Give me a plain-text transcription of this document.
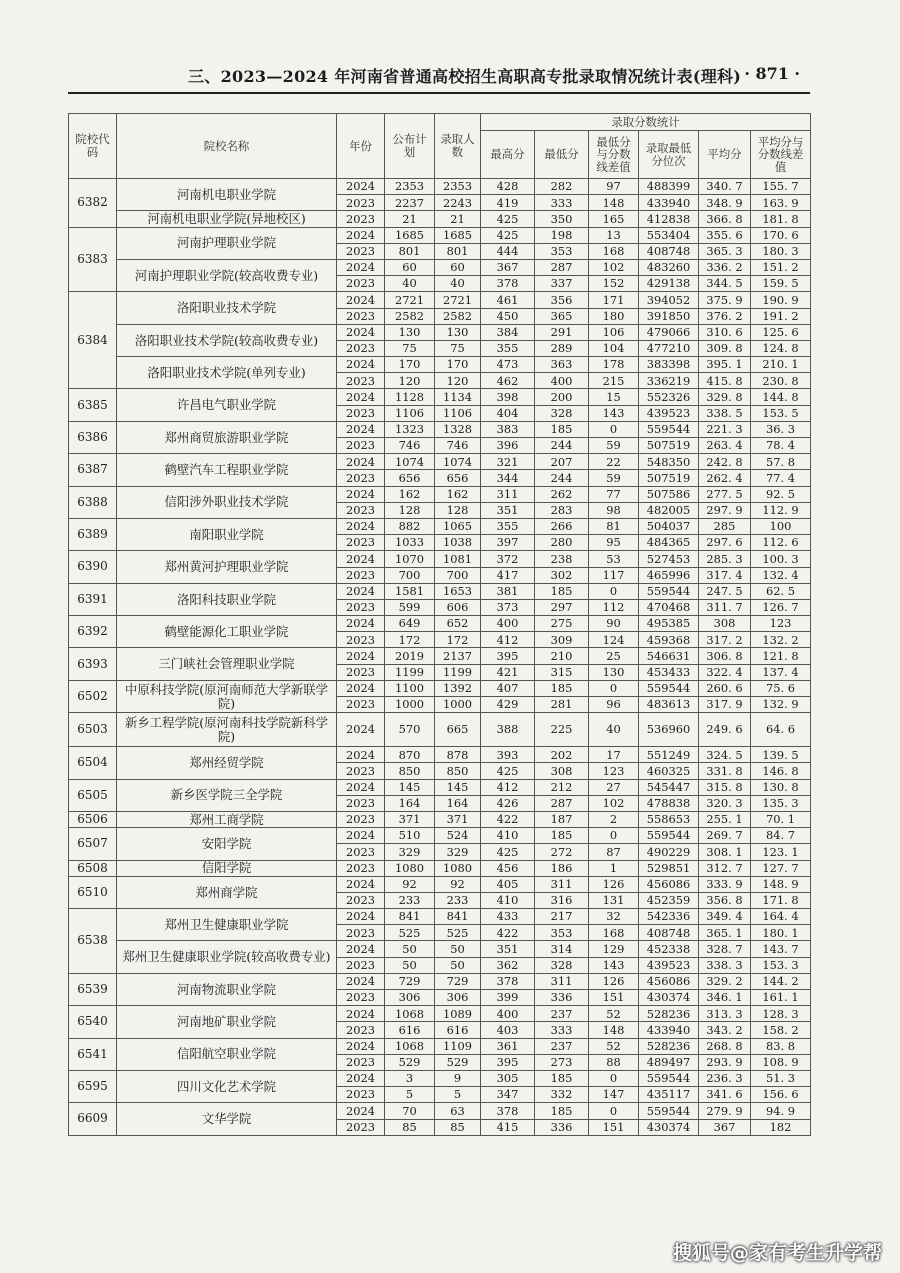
三、2023—2024 年河南省普通高校招生高职高专批录取情况统计表(理科) · 871 ·
院校代码	院校名称	年份	公布计划	录取人数	录取分数统计					
					最高分	最低分	最低分与分数线差值	录取最低分位次	平均分	平均分与分数线差值
6382	河南机电职业学院	2024	2353	2353	428	282	97	488399	340. 7	155. 7
		2023	2237	2243	419	333	148	433940	348. 9	163. 9
	河南机电职业学院(异地校区)	2023	21	21	425	350	165	412838	366. 8	181. 8
6383	河南护理职业学院	2024	1685	1685	425	198	13	553404	355. 6	170. 6
		2023	801	801	444	353	168	408748	365. 3	180. 3
	河南护理职业学院(较高收费专业)	2024	60	60	367	287	102	483260	336. 2	151. 2
		2023	40	40	378	337	152	429138	344. 5	159. 5
6384	洛阳职业技术学院	2024	2721	2721	461	356	171	394052	375. 9	190. 9
		2023	2582	2582	450	365	180	391850	376. 2	191. 2
	洛阳职业技术学院(较高收费专业)	2024	130	130	384	291	106	479066	310. 6	125. 6
		2023	75	75	355	289	104	477210	309. 8	124. 8
	洛阳职业技术学院(单列专业)	2024	170	170	473	363	178	383398	395. 1	210. 1
		2023	120	120	462	400	215	336219	415. 8	230. 8
6385	许昌电气职业学院	2024	1128	1134	398	200	15	552326	329. 8	144. 8
		2023	1106	1106	404	328	143	439523	338. 5	153. 5
6386	郑州商贸旅游职业学院	2024	1323	1328	383	185	0	559544	221. 3	36. 3
		2023	746	746	396	244	59	507519	263. 4	78. 4
6387	鹤壁汽车工程职业学院	2024	1074	1074	321	207	22	548350	242. 8	57. 8
		2023	656	656	344	244	59	507519	262. 4	77. 4
6388	信阳涉外职业技术学院	2024	162	162	311	262	77	507586	277. 5	92. 5
		2023	128	128	351	283	98	482005	297. 9	112. 9
6389	南阳职业学院	2024	882	1065	355	266	81	504037	285	100
		2023	1033	1038	397	280	95	484365	297. 6	112. 6
6390	郑州黄河护理职业学院	2024	1070	1081	372	238	53	527453	285. 3	100. 3
		2023	700	700	417	302	117	465996	317. 4	132. 4
6391	洛阳科技职业学院	2024	1581	1653	381	185	0	559544	247. 5	62. 5
		2023	599	606	373	297	112	470468	311. 7	126. 7
6392	鹤壁能源化工职业学院	2024	649	652	400	275	90	495385	308	123
		2023	172	172	412	309	124	459368	317. 2	132. 2
6393	三门峡社会管理职业学院	2024	2019	2137	395	210	25	546631	306. 8	121. 8
		2023	1199	1199	421	315	130	453433	322. 4	137. 4
6502	中原科技学院(原河南师范大学新联学院)	2024	1100	1392	407	185	0	559544	260. 6	75. 6
		2023	1000	1000	429	281	96	483613	317. 9	132. 9
6503	新乡工程学院(原河南科技学院新科学院)	2024	570	665	388	225	40	536960	249. 6	64. 6
6504	郑州经贸学院	2024	870	878	393	202	17	551249	324. 5	139. 5
		2023	850	850	425	308	123	460325	331. 8	146. 8
6505	新乡医学院三全学院	2024	145	145	412	212	27	545447	315. 8	130. 8
		2023	164	164	426	287	102	478838	320. 3	135. 3
6506	郑州工商学院	2023	371	371	422	187	2	558653	255. 1	70. 1
6507	安阳学院	2024	510	524	410	185	0	559544	269. 7	84. 7
		2023	329	329	425	272	87	490229	308. 1	123. 1
6508	信阳学院	2023	1080	1080	456	186	1	529851	312. 7	127. 7
6510	郑州商学院	2024	92	92	405	311	126	456086	333. 9	148. 9
		2023	233	233	410	316	131	452359	356. 8	171. 8
6538	郑州卫生健康职业学院	2024	841	841	433	217	32	542336	349. 4	164. 4
		2023	525	525	422	353	168	408748	365. 1	180. 1
	郑州卫生健康职业学院(较高收费专业)	2024	50	50	351	314	129	452338	328. 7	143. 7
		2023	50	50	362	328	143	439523	338. 3	153. 3
6539	河南物流职业学院	2024	729	729	378	311	126	456086	329. 2	144. 2
		2023	306	306	399	336	151	430374	346. 1	161. 1
6540	河南地矿职业学院	2024	1068	1089	400	237	52	528236	313. 3	128. 3
		2023	616	616	403	333	148	433940	343. 2	158. 2
6541	信阳航空职业学院	2024	1068	1109	361	237	52	528236	268. 8	83. 8
		2023	529	529	395	273	88	489497	293. 9	108. 9
6595	四川文化艺术学院	2024	3	9	305	185	0	559544	236. 3	51. 3
		2023	5	5	347	332	147	435117	341. 6	156. 6
6609	文华学院	2024	70	63	378	185	0	559544	279. 9	94. 9
		2023	85	85	415	336	151	430374	367	182
搜狐号@家有考生升学帮
